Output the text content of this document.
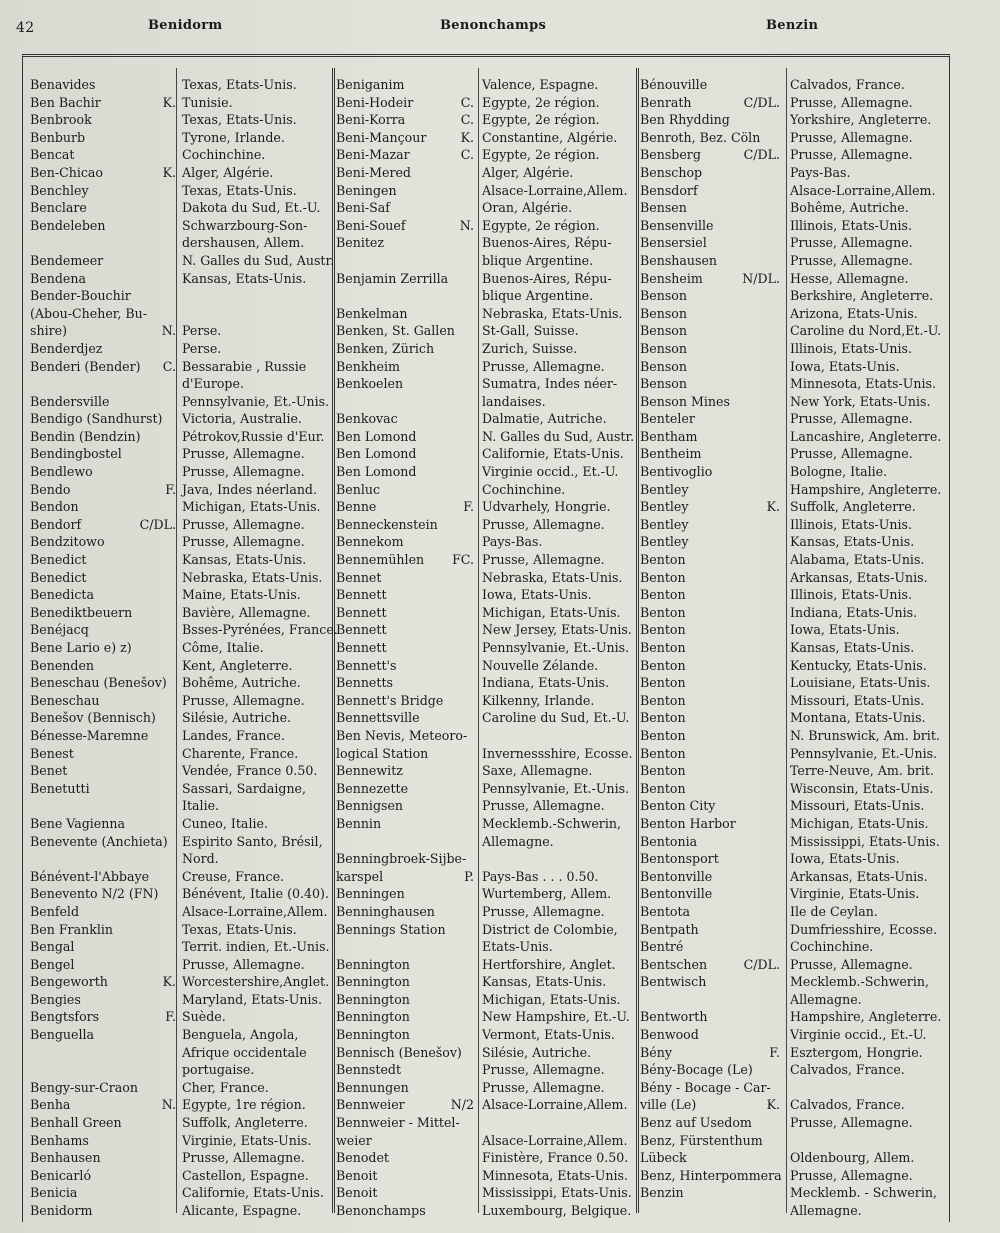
42	Benidorm	Benonchamps	Benzin
Benavides	Texas, Etats-Unis.
Ben Bachir	K. Tunisie.
Benbrook	Texas, Etats-Unis.
Benburb	Tyrone, Irlande.
Bencat	Cochinchine.
Ben-Chicao	K. Alger, Algérie.
Benchley	Texas, Etats-Unis.
Benclare	Dakota du Sud, Et.-U.
Bendeleben	Schwarzbourg-Son-
dershausen, Allem.
Bendemeer	N. Galles du Sud, Austr.
Bendena	Kansas, Etats-Unis.
Bender-Bouchir
(Abou-Cheher, Bu-
shire)	N. Perse.
Benderdjez	Perse.
Benderi (Bender)	C. Bessarabie , Russie
d'Europe.
Bendersville	Pennsylvanie, Et.-Unis.
Bendigo (Sandhurst) Victoria, Australie.
Bendin (Bendzin)	Pétrokov,Russie d'Eur.
Bendingbostel	Prusse, Allemagne.
Bendlewo	Prusse, Allemagne.
Bendo	F. Java, Indes néerland.
Bendon	Michigan, Etats-Unis.
Bendorf	C/DL. Prusse, Allemagne.
Bendzitowo	Prusse, Allemagne.
Benedict	Kansas, Etats-Unis.
Benedict	Nebraska, Etats-Unis.
Benedicta	Maine, Etats-Unis.
Benediktbeuern	Bavière, Allemagne.
Benéjacq	Bsses-Pyrénées, France.
Bene Lario e) z)	Côme, Italie.
Benenden	Kent, Angleterre.
Beneschau (Benešov) Bohême, Autriche.
Beneschau	Prusse, Allemagne.
Benešov (Bennisch) Silésie, Autriche.
Bénesse-Maremne	Landes, France.
Benest	Charente, France.
Benet	Vendée, France 0.50.
Benetutti	Sassari, Sardaigne,
Italie.
Bene Vagienna	Cuneo, Italie.
Benevente (Anchieta) Espirito Santo, Brésil,
Nord.
Bénévent-l'Abbaye	Creuse, France.
Benevento N/2 (FN) Bénévent, Italie (0.40).
Benfeld	Alsace-Lorraine,Allem.
Ben Franklin	Texas, Etats-Unis.
Bengal	Territ. indien, Et.-Unis.
Bengel	Prusse, Allemagne.
Bengeworth	K. Worcestershire,Anglet.
Bengies	Maryland, Etats-Unis.
Bengtsfors	F. Suède.
Benguella	Benguela, Angola,
Afrique occidentale
portugaise.
Bengy-sur-Craon	Cher, France.
Benha	N. Egypte, 1re région.
Benhall Green	Suffolk, Angleterre.
Benhams	Virginie, Etats-Unis.
Benhausen	Prusse, Allemagne.
Benicarló	Castellon, Espagne.
Benicia	Californie, Etats-Unis.
Benidorm	Alicante, Espagne.
Beniganim	Valence, Espagne.
Beni-Hodeir	C. Egypte, 2e région.
Beni-Korra	C. Egypte, 2e région.
Beni-Mançour	K. Constantine, Algérie.
Beni-Mazar	C. Egypte, 2e région.
Beni-Mered	Alger, Algérie.
Beningen	Alsace-Lorraine,Allem.
Beni-Saf	Oran, Algérie.
Beni-Souef	N. Egypte, 2e région.
Benitez	Buenos-Aires, Répu-
blique Argentine.
Benjamin Zerrilla	Buenos-Aires, Répu-
blique Argentine.
Benkelman	Nebraska, Etats-Unis.
Benken, St. Gallen St-Gall, Suisse.
Benken, Zürich	Zurich, Suisse.
Benkheim	Prusse, Allemagne.
Benkoelen	Sumatra, Indes néer-
landaises.
Benkovac	Dalmatie, Autriche.
Ben Lomond	N. Galles du Sud, Austr.
Ben Lomond	Californie, Etats-Unis.
Ben Lomond	Virginie occid., Et.-U.
Benluc	Cochinchine.
Benne	F. Udvarhely, Hongrie.
Benneckenstein	Prusse, Allemagne.
Bennekom	Pays-Bas.
Bennemühlen	FC. Prusse, Allemagne.
Bennet	Nebraska, Etats-Unis.
Bennett	Iowa, Etats-Unis.
Bennett	Michigan, Etats-Unis.
Bennett	New Jersey, Etats-Unis.
Bennett	Pennsylvanie, Et.-Unis.
Bennett's	Nouvelle Zélande.
Bennetts	Indiana, Etats-Unis.
Bennett's Bridge	Kilkenny, Irlande.
Bennettsville	Caroline du Sud, Et.-U.
Ben Nevis, Meteoro-
logical Station	Invernessshire, Ecosse.
Bennewitz	Saxe, Allemagne.
Bennezette	Pennsylvanie, Et.-Unis.
Bennigsen	Prusse, Allemagne.
Bennin	Mecklemb.-Schwerin,
Allemagne.
Benningbroek-Sijbe-
karspel	P. Pays-Bas . . . 0.50.
Benningen	Wurtemberg, Allem.
Benninghausen	Prusse, Allemagne.
Bennings Station	District de Colombie,
Etats-Unis.
Bennington	Hertforshire, Anglet.
Bennington	Kansas, Etats-Unis.
Bennington	Michigan, Etats-Unis.
Bennington	New Hampshire, Et.-U.
Bennington	Vermont, Etats-Unis.
Bennisch (Benešov) Silésie, Autriche.
Bennstedt	Prusse, Allemagne.
Bennungen	Prusse, Allemagne.
Bennweier	N/2 Alsace-Lorraine,Allem.
Bennweier - Mittel-
weier	Alsace-Lorraine,Allem.
Benodet	Finistère, France 0.50.
Benoit	Minnesota, Etats-Unis.
Benoit	Mississippi, Etats-Unis.
Benonchamps	Luxembourg, Belgique.
Bénouville	Calvados, France.
Benrath	C/DL. Prusse, Allemagne.
Ben Rhydding	Yorkshire, Angleterre.
Benroth, Bez. Cöln Prusse, Allemagne.
Bensberg	C/DL. Prusse, Allemagne.
Benschop	Pays-Bas.
Bensdorf	Alsace-Lorraine,Allem.
Bensen	Bohême, Autriche.
Bensenville	Illinois, Etats-Unis.
Bensersiel	Prusse, Allemagne.
Benshausen	Prusse, Allemagne.
Bensheim	N/DL. Hesse, Allemagne.
Benson	Berkshire, Angleterre.
Benson	Arizona, Etats-Unis.
Benson	Caroline du Nord,Et.-U.
Benson	Illinois, Etats-Unis.
Benson	Iowa, Etats-Unis.
Benson	Minnesota, Etats-Unis.
Benson Mines	New York, Etats-Unis.
Benteler	Prusse, Allemagne.
Bentham	Lancashire, Angleterre.
Bentheim	Prusse, Allemagne.
Bentivoglio	Bologne, Italie.
Bentley	Hampshire, Angleterre.
Bentley	K. Suffolk, Angleterre.
Bentley	Illinois, Etats-Unis.
Bentley	Kansas, Etats-Unis.
Benton	Alabama, Etats-Unis.
Benton	Arkansas, Etats-Unis.
Benton	Illinois, Etats-Unis.
Benton	Indiana, Etats-Unis.
Benton	Iowa, Etats-Unis.
Benton	Kansas, Etats-Unis.
Benton	Kentucky, Etats-Unis.
Benton	Louisiane, Etats-Unis.
Benton	Missouri, Etats-Unis.
Benton	Montana, Etats-Unis.
Benton	N. Brunswick, Am. brit.
Benton	Pennsylvanie, Et.-Unis.
Benton	Terre-Neuve, Am. brit.
Benton	Wisconsin, Etats-Unis.
Benton City	Missouri, Etats-Unis.
Benton Harbor	Michigan, Etats-Unis.
Bentonia	Mississippi, Etats-Unis.
Bentonsport	Iowa, Etats-Unis.
Bentonville	Arkansas, Etats-Unis.
Bentonville	Virginie, Etats-Unis.
Bentota	Ile de Ceylan.
Bentpath	Dumfriesshire, Ecosse.
Bentré	Cochinchine.
Bentschen	C/DL. Prusse, Allemagne.
Bentwisch	Mecklemb.-Schwerin,
Allemagne.
Bentworth	Hampshire, Angleterre.
Benwood	Virginie occid., Et.-U.
Bény	F. Esztergom, Hongrie.
Bény-Bocage (Le)	Calvados, France.
Bény - Bocage - Car-
ville (Le)	K. Calvados, France.
Benz auf Usedom	Prusse, Allemagne.
Benz, Fürstenthum
Lübeck	Oldenbourg, Allem.
Benz, Hinterpommera Prusse, Allemagne.
Benzin	Mecklemb. - Schwerin,
Allemagne.
